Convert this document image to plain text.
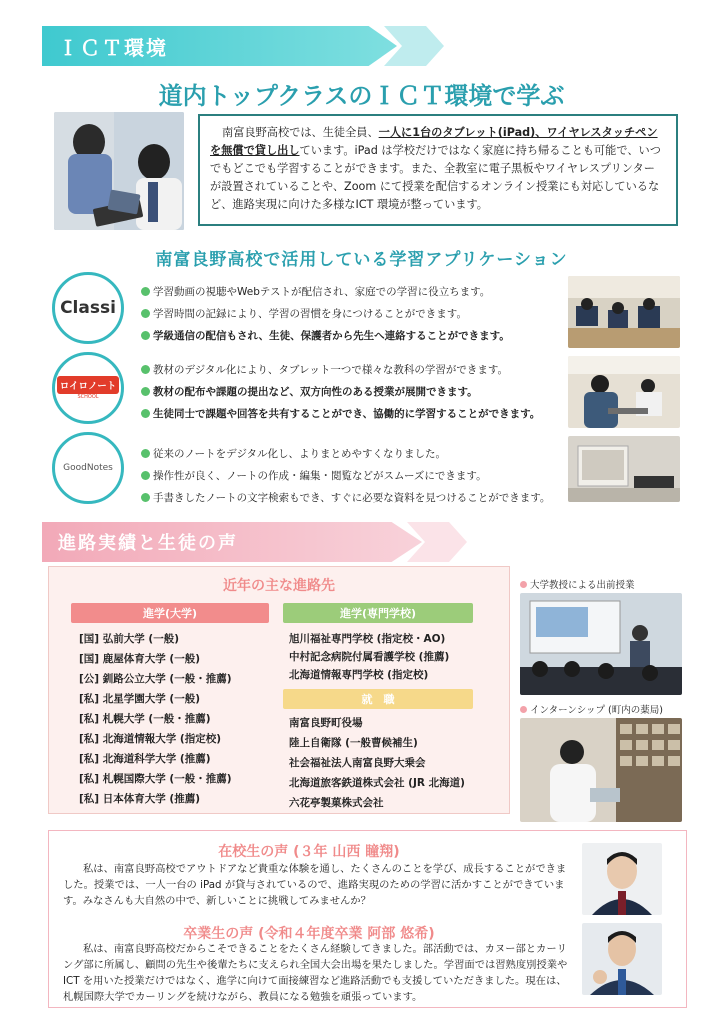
ＩＣＴ環境
道内トップクラスのＩＣＴ環境で学ぶ
南富良野高校では、生徒全員、一人に1台のタブレット(iPad)、ワイヤレスタッチペンを無償で貸し出しています。iPad は学校だけではなく家庭に持ち帰ることも可能で、いつでもどこでも学習することができます。また、全教室に電子黒板やワイヤレスプリンターが設置されていることや、Zoom にて授業を配信するオンライン授業にも対応しているなど、進路実現に向けた多様なICT 環境が整っています。
南富良野高校で活用している学習アプリケーション
Classi
学習動画の視聴やWebテストが配信され、家庭での学習に役立ちます。
学習時間の記録により、学習の習慣を身につけることができます。
学級通信の配信もされ、生徒、保護者から先生へ連絡することができます。
ロイロノート
SCHOOL
教材のデジタル化により、タブレット一つで様々な教科の学習ができます。
教材の配布や課題の提出など、双方向性のある授業が展開できます。
生徒同士で課題や回答を共有することができ、協働的に学習することができます。
GoodNotes
従来のノートをデジタル化し、よりまとめやすくなりました。
操作性が良く、ノートの作成・編集・閲覧などがスムーズにできます。
手書きしたノートの文字検索もでき、すぐに必要な資料を見つけることができます。
進路実績と生徒の声
近年の主な進路先
進学(大学)
[国] 弘前大学 (一般)
[国] 鹿屋体育大学 (一般)
[公] 釧路公立大学 (一般・推薦)
[私] 北星学園大学 (一般)
[私] 札幌大学 (一般・推薦)
[私] 北海道情報大学 (指定校)
[私] 北海道科学大学 (推薦)
[私] 札幌国際大学 (一般・推薦)
[私] 日本体育大学 (推薦)
進学(専門学校)
旭川福祉専門学校 (指定校・AO)
中村記念病院付属看護学校 (推薦)
北海道情報専門学校 (指定校)
就　職
南富良野町役場
陸上自衛隊 (一般曹候補生)
社会福祉法人南富良野大乗会
北海道旅客鉄道株式会社 (JR 北海道)
六花亭製菓株式会社
大学教授による出前授業
インターンシップ (町内の薬局)
在校生の声 (３年 山西 瞳翔)
私は、南富良野高校でアウトドアなど貴重な体験を通し、たくさんのことを学び、成長することができました。授業では、一人一台の iPad が貸与されているので、進路実現のための学習に活かすことができています。みなさんも大自然の中で、新しいことに挑戦してみませんか？
卒業生の声 (令和４年度卒業 阿部 悠希)
私は、南富良野高校だからこそできることをたくさん経験してきました。部活動では、カヌー部とカーリング部に所属し、顧問の先生や後輩たちに支えられ全国大会出場を果たしました。学習面では習熟度別授業や ICT を用いた授業だけではなく、進学に向けて面接練習など進路活動でも支援していただきました。現在は、札幌国際大学でカーリングを続けながら、教員になる勉強を頑張っています。
